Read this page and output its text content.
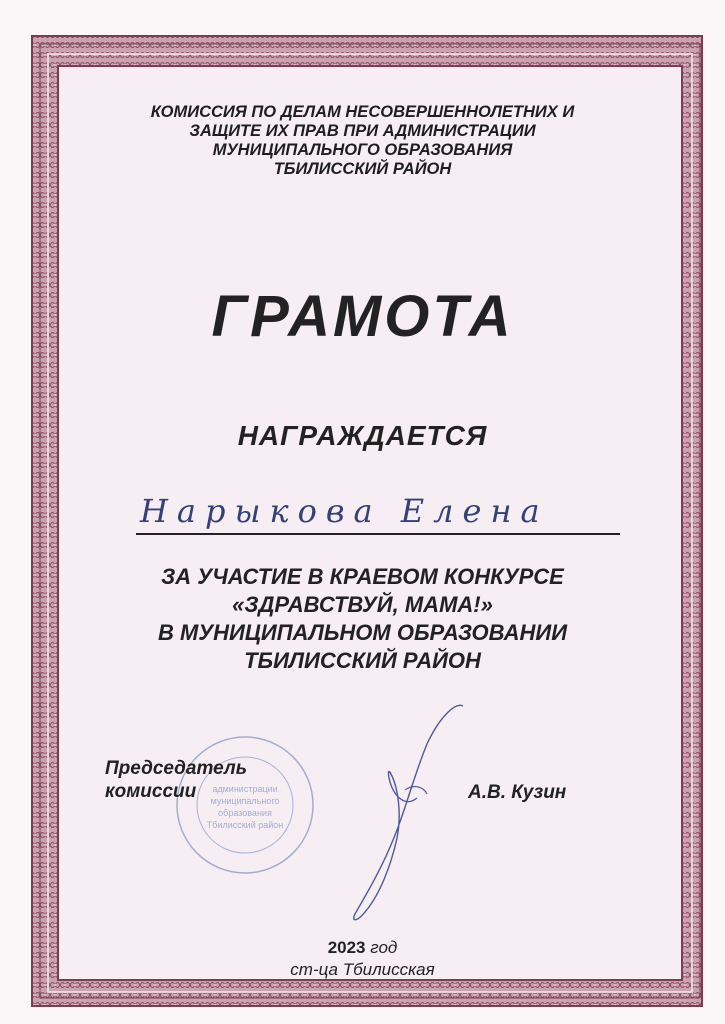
КОМИССИЯ ПО ДЕЛАМ НЕСОВЕРШЕННОЛЕТНИХ И
ЗАЩИТЕ ИХ ПРАВ ПРИ АДМИНИСТРАЦИИ
МУНИЦИПАЛЬНОГО ОБРАЗОВАНИЯ
ТБИЛИССКИЙ РАЙОН
ГРАМОТА
НАГРАЖДАЕТСЯ
Нарыкова Елена
ЗА УЧАСТИЕ В КРАЕВОМ КОНКУРСЕ
«ЗДРАВСТВУЙ, МАМА!»
В МУНИЦИПАЛЬНОМ ОБРАЗОВАНИИ
ТБИЛИССКИЙ РАЙОН
администрации
муниципального
образования
Тбилисский район
Председатель
комиссии	А.В. Кузин
2023 год
ст-ца Тбилисская
